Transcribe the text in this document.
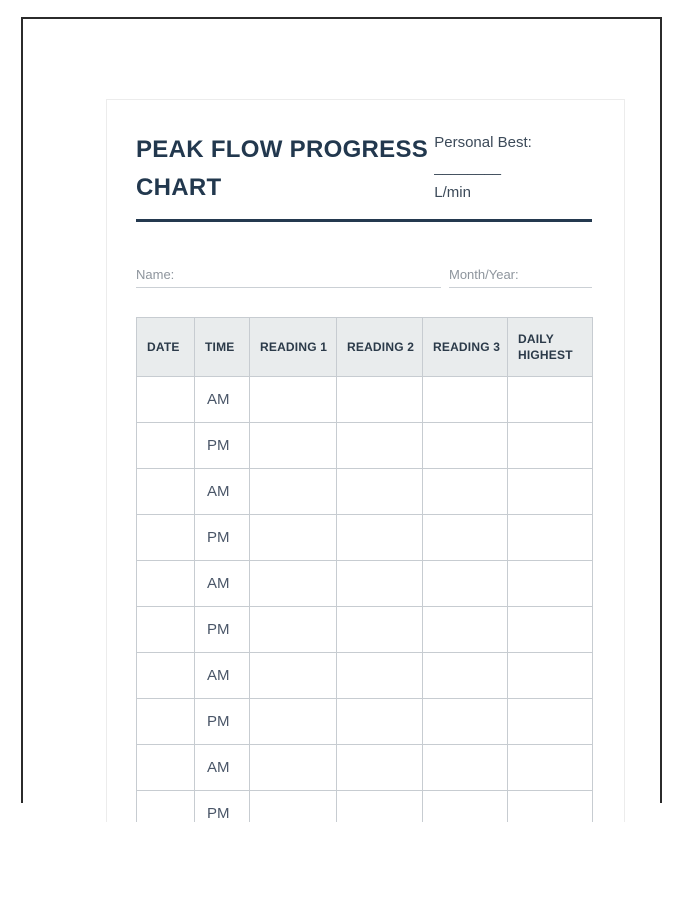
PEAK FLOW PROGRESS CHART
Personal Best: ________
L/min
Name:	Month/Year:
DATE	TIME	READING 1	READING 2	READING 3	DAILY HIGHEST
	AM				
	PM				
	AM				
	PM				
	AM				
	PM				
	AM				
	PM				
	AM				
	PM				
